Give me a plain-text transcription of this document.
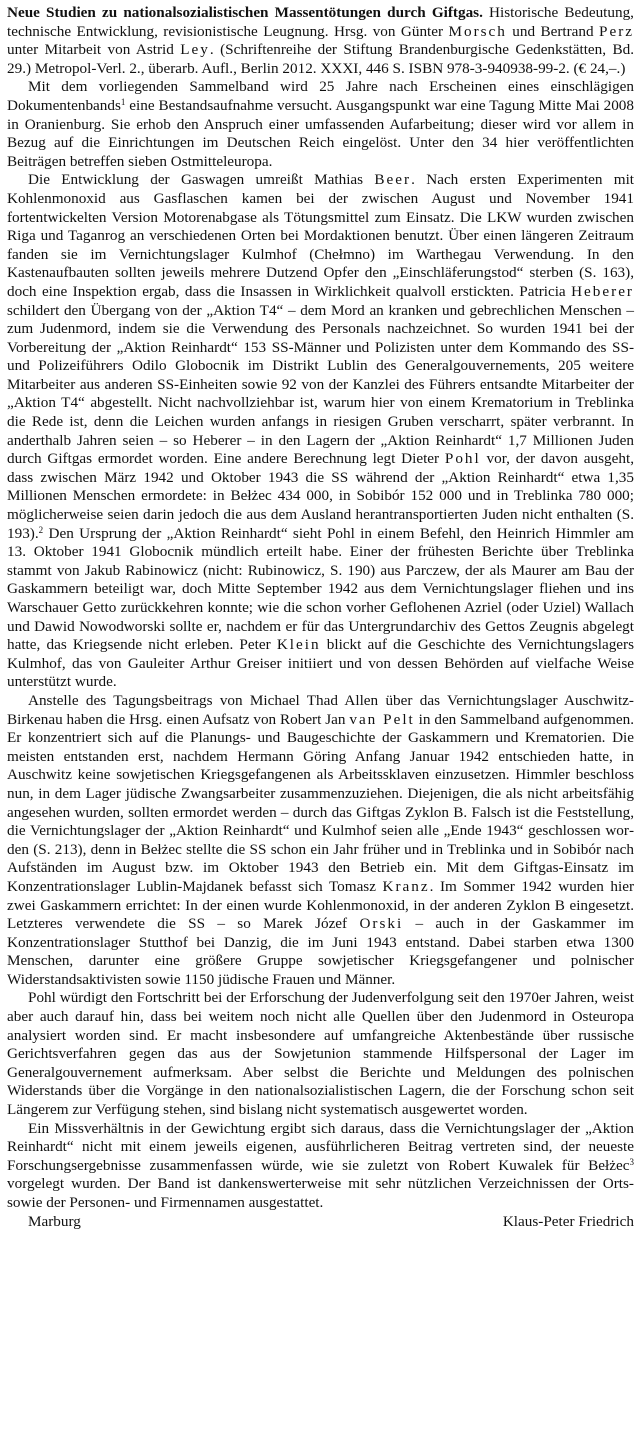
Neue Studien zu nationalsozialistischen Massentötungen durch Giftgas. Historische Bedeutung, technische Entwicklung, revisionistische Leugnung. Hrsg. von Günter Morsch und Bertrand Perz unter Mitarbeit von Astrid Ley. (Schriftenreihe der Stiftung Brandenburgische Gedenkstätten, Bd. 29.) Metropol-Verl. 2., überarb. Aufl., Berlin 2012. XXXI, 446 S. ISBN 978-3-940938-99-2. (€ 24,–.)

Mit dem vorliegenden Sammelband wird 25 Jahre nach Erscheinen eines einschlägigen Dokumentenbands$^1$ eine Bestandsaufnahme versucht. Ausgangspunkt war eine Tagung Mitte Mai 2008 in Oranienburg. Sie erhob den Anspruch einer umfassenden Aufarbeitung; dieser wird vor allem in Bezug auf die Einrichtungen im Deutschen Reich eingelöst. Unter den 34 hier veröffentlichten Beiträgen betreffen sieben Ostmitteleuropa.

Die Entwicklung der Gaswagen umreißt Mathias Beer. Nach ersten Experimenten mit Kohlenmonoxid aus Gasflaschen kamen bei der zwischen August und November 1941 fortentwickelten Version Motorenabgase als Tötungsmittel zum Einsatz. Die LKW wurden zwischen Riga und Taganrog an verschiedenen Orten bei Mordaktionen benutzt. Über einen längeren Zeitraum fanden sie im Vernichtungslager Kulmhof (Chełmno) im Warthegau Verwendung. In den Kastenaufbauten sollten jeweils mehrere Dutzend Opfer den „Einschläferungstod“ sterben (S. 163), doch eine Inspektion ergab, dass die Insassen in Wirklichkeit qualvoll erstickten. Patricia Heberer schildert den Übergang von der „Aktion T4“ – dem Mord an kranken und gebrechlichen Menschen – zum Judenmord, indem sie die Verwendung des Personals nachzeichnet. So wurden 1941 bei der Vorbereitung der „Aktion Reinhardt“ 153 SS-Männer und Polizisten unter dem Kommando des SS- und Polizeiführers Odilo Globocnik im Distrikt Lublin des Generalgouvernements, 205 weitere Mitarbeiter aus anderen SS-Einheiten sowie 92 von der Kanzlei des Führers entsandte Mitarbeiter der „Aktion T4“ abgestellt. Nicht nachvollziehbar ist, warum hier von einem Krematorium in Treblinka die Rede ist, denn die Leichen wurden anfangs in riesigen Gruben verscharrt, später verbrannt. In anderthalb Jahren seien – so Heberer – in den Lagern der „Aktion Reinhardt“ 1,7 Millionen Juden durch Giftgas ermordet worden. Eine andere Berechnung legt Dieter Pohl vor, der davon ausgeht, dass zwischen März 1942 und Oktober 1943 die SS während der „Aktion Reinhardt“ etwa 1,35 Millionen Menschen ermordete: in Bełżec 434 000, in Sobibór 152 000 und in Treblinka 780 000; möglicherweise seien darin jedoch die aus dem Ausland herantransportierten Juden nicht enthalten (S. 193).$^2$ Den Ursprung der „Aktion Reinhardt“ sieht Pohl in einem Befehl, den Heinrich Himmler am 13. Oktober 1941 Globocnik mündlich erteilt habe. Einer der frühesten Berichte über Treblinka stammt von Jakub Rabinowicz (nicht: Rubinowicz, S. 190) aus Parczew, der als Maurer am Bau der Gaskammern beteiligt war, doch Mitte September 1942 aus dem Vernichtungslager fliehen und ins Warschauer Getto zurückkehren konnte; wie die schon vorher Geflohenen Azriel (oder Uziel) Wallach und Dawid Nowodworski sollte er, nachdem er für das Untergrundarchiv des Gettos Zeugnis abgelegt hatte, das Kriegsende nicht erleben. Peter Klein blickt auf die Geschichte des Vernichtungslagers Kulmhof, das von Gauleiter Arthur Greiser initiiert und von dessen Behörden auf vielfache Weise unterstützt wurde.

Anstelle des Tagungsbeitrags von Michael Thad Allen über das Vernichtungslager Auschwitz-Birkenau haben die Hrsg. einen Aufsatz von Robert Jan van Pelt in den Sammelband aufgenommen. Er konzentriert sich auf die Planungs- und Baugeschichte der Gaskammern und Krematorien. Die meisten entstanden erst, nachdem Hermann Göring Anfang Januar 1942 entschieden hatte, in Auschwitz keine sowjetischen Kriegsgefangenen als Arbeitssklaven einzusetzen. Himmler beschloss nun, in dem Lager jüdische Zwangsarbeiter zusammenzuziehen. Diejenigen, die als nicht arbeitsfähig angesehen wurden, sollten ermordet werden – durch das Giftgas Zyklon B. Falsch ist die Feststellung, die Vernichtungslager der „Aktion Reinhardt“ und Kulmhof seien alle „Ende 1943“ geschlossen worden (S. 213), denn in Bełżec stellte die SS schon ein Jahr früher und in Treblinka und in Sobibór nach Aufständen im August bzw. im Oktober 1943 den Betrieb ein. Mit dem Giftgas-Einsatz im Konzentrationslager Lublin-Majdanek befasst sich Tomasz Kranz. Im Sommer 1942 wurden hier zwei Gaskammern errichtet: In der einen wurde Kohlenmonoxid, in der anderen Zyklon B eingesetzt. Letzteres verwendete die SS – so Marek Józef Orski – auch in der Gaskammer im Konzentrationslager Stutthof bei Danzig, die im Juni 1943 entstand. Dabei starben etwa 1300 Menschen, darunter eine größere Gruppe sowjetischer Kriegsgefangener und polnischer Widerstandsaktivisten sowie 1150 jüdische Frauen und Männer.

Pohl würdigt den Fortschritt bei der Erforschung der Judenverfolgung seit den 1970er Jahren, weist aber auch darauf hin, dass bei weitem noch nicht alle Quellen über den Judenmord in Osteuropa analysiert worden sind. Er macht insbesondere auf umfangreiche Aktenbestände über russische Gerichtsverfahren gegen das aus der Sowjetunion stammende Hilfspersonal der Lager im Generalgouvernement aufmerksam. Aber selbst die Berichte und Meldungen des polnischen Widerstands über die Vorgänge in den nationalsozialistischen Lagern, die der Forschung schon seit Längerem zur Verfügung stehen, sind bislang nicht systematisch ausgewertet worden.

Ein Missverhältnis in der Gewichtung ergibt sich daraus, dass die Vernichtungslager der „Aktion Reinhardt“ nicht mit einem jeweils eigenen, ausführlicheren Beitrag vertreten sind, der neueste Forschungsergebnisse zusammenfassen würde, wie sie zuletzt von Robert Kuwalek für Bełżec$^3$ vorgelegt wurden. Der Band ist dankenswerterweise mit sehr nützlichen Verzeichnissen der Orts- sowie der Personen- und Firmennamen ausgestattet.

Marburg	Klaus-Peter Friedrich
